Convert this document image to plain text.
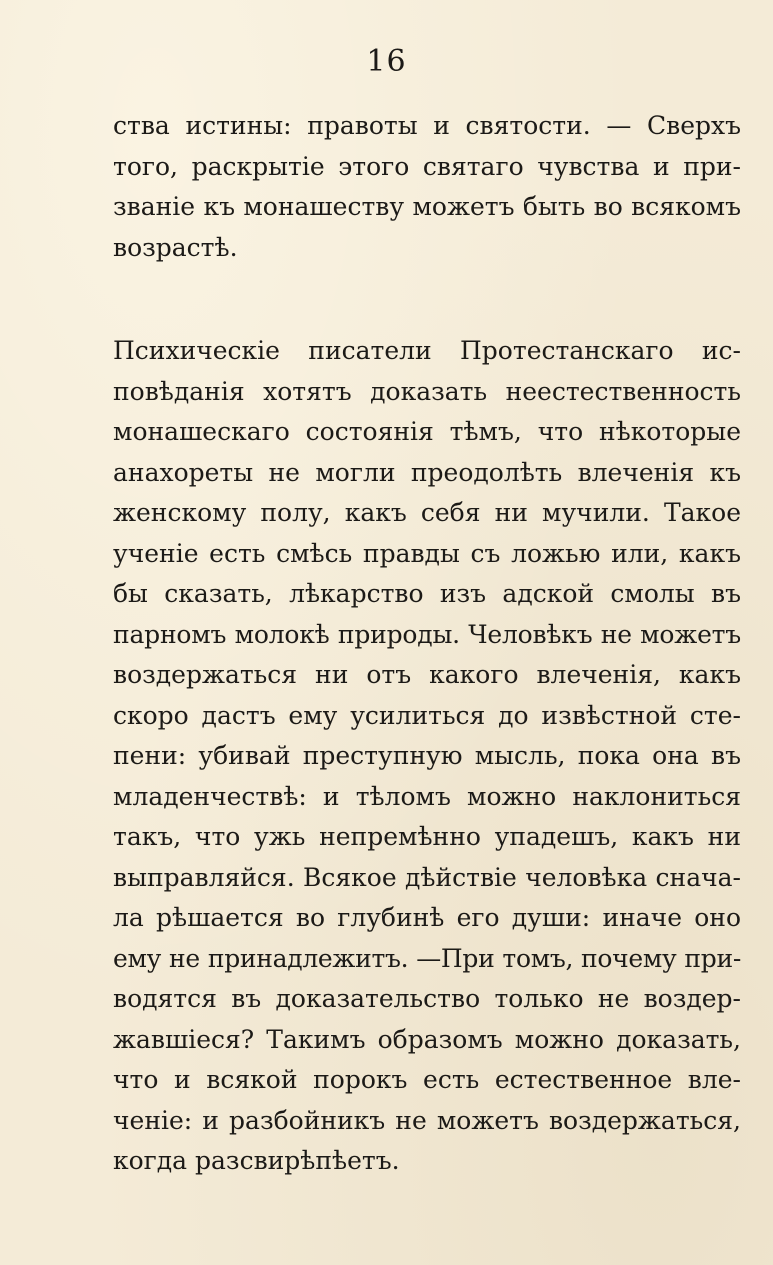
16
ства истины: правоты и святости. — Сверхъ
того, раскрытіе этого святаго чувства и при-
званіе къ монашеству можетъ быть во всякомъ
возрастѣ.
Психическіе писатели Протестанскаго ис-
повѣданія хотятъ доказать неестественность
монашескаго состоянія тѣмъ, что нѣкоторые
анахореты не могли преодолѣть влеченія къ
женскому полу, какъ себя ни мучили. Такое
ученіе есть смѣсь правды съ ложью или, какъ
бы сказать, лѣкарство изъ адской смолы въ
парномъ молокѣ природы. Человѣкъ не можетъ
воздержаться ни отъ какого влеченія, какъ
скоро дастъ ему усилиться до извѣстной сте-
пени: убивай преступную мысль, пока она въ
младенчествѣ: и тѣломъ можно наклониться
такъ, что ужь непремѣнно упадешъ, какъ ни
выправляйся. Всякое дѣйствіе человѣка снача-
ла рѣшается во глубинѣ его души: иначе оно
ему не принадлежитъ. —При томъ, почему при-
водятся въ доказательство только не воздер-
жавшіеся? Такимъ образомъ можно доказать,
что и всякой порокъ есть естественное вле-
ченіе: и разбойникъ не можетъ воздержаться,
когда разсвирѣпѣетъ.
